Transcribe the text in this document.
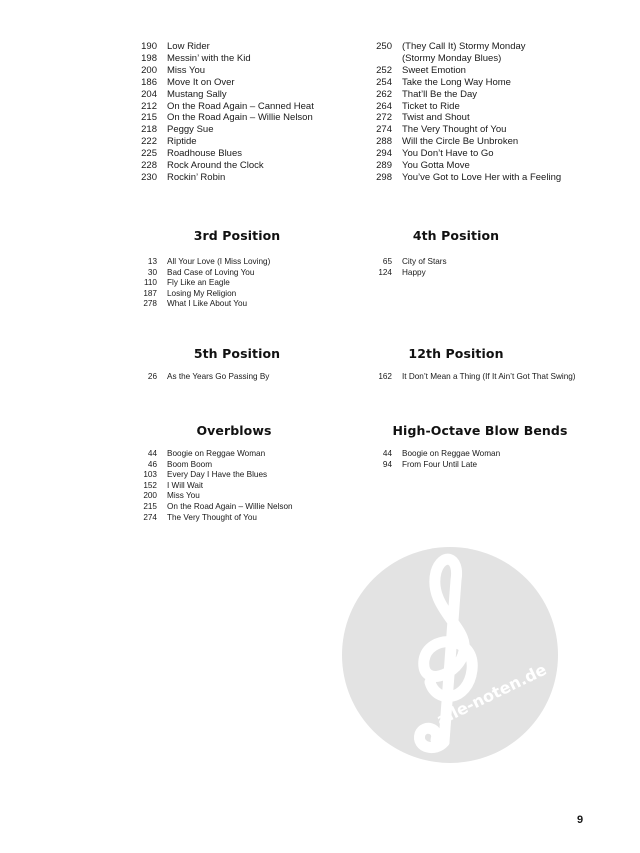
190	Low Rider
198	Messin’ with the Kid
200	Miss You
186	Move It on Over
204	Mustang Sally
212	On the Road Again – Canned Heat
215	On the Road Again – Willie Nelson
218	Peggy Sue
222	Riptide
225	Roadhouse Blues
228	Rock Around the Clock
230	Rockin’ Robin
250	(They Call It) Stormy Monday
(Stormy Monday Blues)
252	Sweet Emotion
254	Take the Long Way Home
262	That’ll Be the Day
264	Ticket to Ride
272	Twist and Shout
274	The Very Thought of You
288	Will the Circle Be Unbroken
294	You Don’t Have to Go
289	You Gotta Move
298	You’ve Got to Love Her with a Feeling
3rd Position
13	All Your Love (I Miss Loving)
30	Bad Case of Loving You
110	Fly Like an Eagle
187	Losing My Religion
278	What I Like About You
4th Position
65	City of Stars
124	Happy
5th Position
26	As the Years Go Passing By
12th Position
162	It Don’t Mean a Thing (If It Ain’t Got That Swing)
Overblows
44	Boogie on Reggae Woman
46	Boom Boom
103	Every Day I Have the Blues
152	I Will Wait
200	Miss You
215	On the Road Again – Willie Nelson
274	The Very Thought of You
High-Octave Blow Bends
44	Boogie on Reggae Woman
94	From Four Until Late
alle-noten.de
9
